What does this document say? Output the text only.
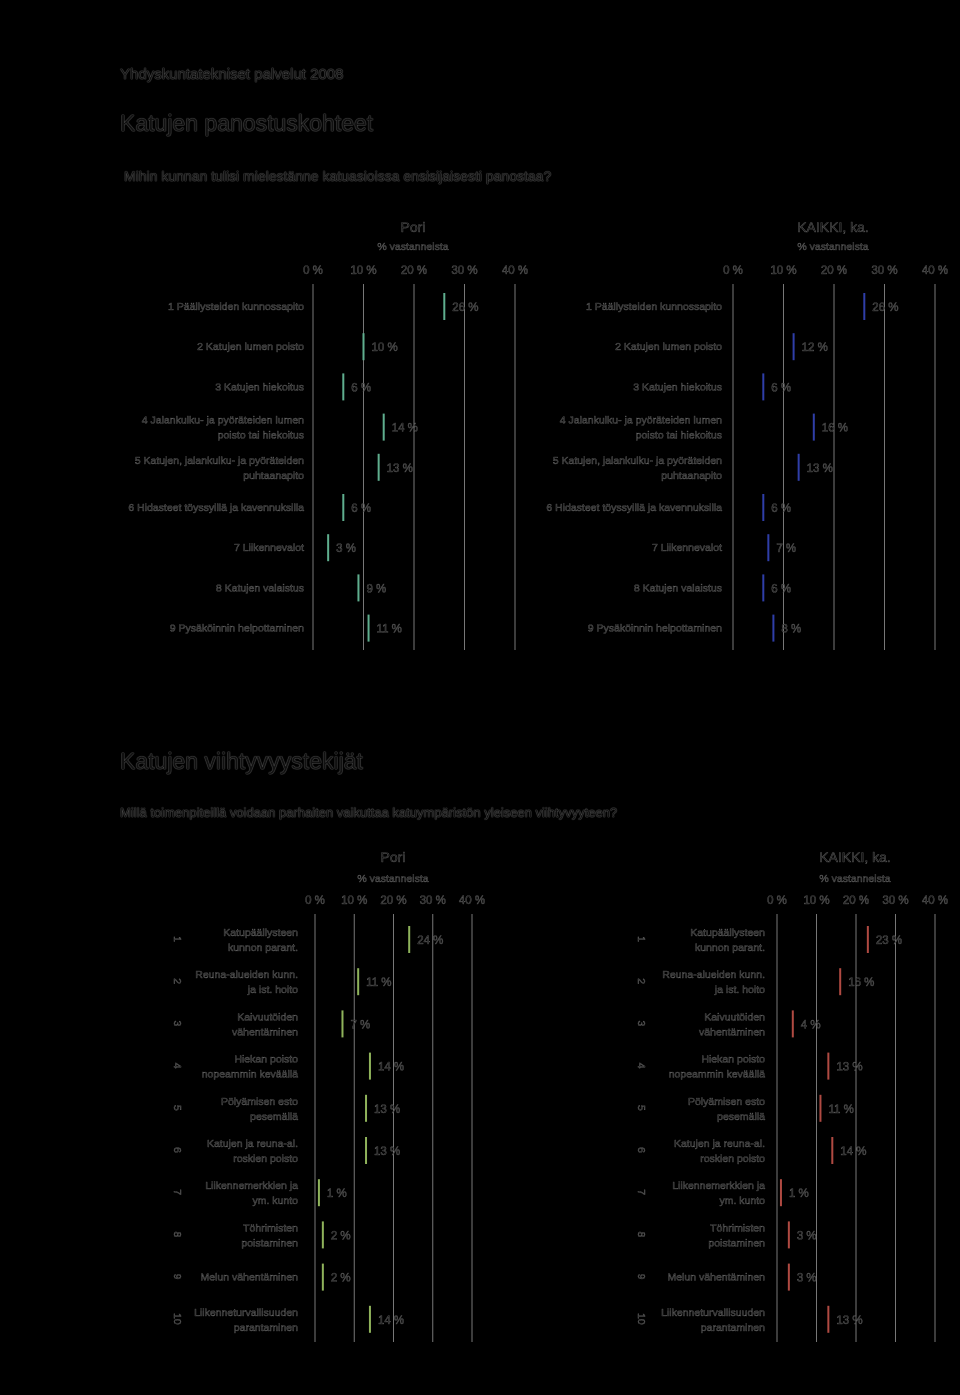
Yhdyskuntatekniset palvelut 2008
Katujen panostuskohteet
Mihin kunnan tulisi mielestänne katuasioissa ensisijaisesti panostaa?
Pori
% vastanneista
0 % 10 % 20 % 30 % 40 %
1 Päällysteiden kunnossapito	26 %
2 Katujen lumen poisto	10 %
3 Katujen hiekoitus	6 %
4 Jalankulku- ja pyöräteiden lumen
poisto tai hiekoitus
14 %
5 Katujen, jalankulku- ja pyöräteiden
puhtaanapito
13 %
6 Hidasteet töyssyillä ja kavennuksilla	6 %
7 Liikennevalot	3 %
8 Katujen valaistus	9 %
9 Pysäköinnin helpottaminen	11 %
KAIKKI, ka.
% vastanneista
0 % 10 % 20 % 30 % 40 %
1 Päällysteiden kunnossapito	26 %
2 Katujen lumen poisto	12 %
3 Katujen hiekoitus	6 %
4 Jalankulku- ja pyöräteiden lumen
poisto tai hiekoitus
16 %
5 Katujen, jalankulku- ja pyöräteiden
puhtaanapito
13 %
6 Hidasteet töyssyillä ja kavennuksilla	6 %
7 Liikennevalot	7 %
8 Katujen valaistus	6 %
9 Pysäköinnin helpottaminen	8 %
Katujen viihtyvyystekijät
Millä toimenpiteillä voidaan parhaiten vaikuttaa katuympäristön yleiseen viihtyvyyteen?
Pori
% vastanneista
0 % 10 % 20 % 30 % 40 %
Katupäällysteen
kunnon parant.
1	24 %
Reuna-alueiden kunn.
ja ist. hoito
2	11 %
Kaivuutöiden
vähentäminen
3	7 %
Hiekan poisto
nopeammin keväällä
4	14 %
Pölyämisen esto
pesemällä
5	13 %
Katujen ja reuna-al.
roskien poisto
6	13 %
Liikennemerkkien ja
ym. kunto
7	1 %
Töhrimisten
poistaminen
8	2 %
Melun vähentäminen
9	2 %
Liikenneturvallisuuden
parantaminen
10	14 %
KAIKKI, ka.
% vastanneista
0 % 10 % 20 % 30 % 40 %
Katupäällysteen
kunnon parant.
1	23 %
Reuna-alueiden kunn.
ja ist. hoito
2	16 %
Kaivuutöiden
vähentäminen
3	4 %
Hiekan poisto
nopeammin keväällä
4	13 %
Pölyämisen esto
pesemällä
5	11 %
Katujen ja reuna-al.
roskien poisto
6	14 %
Liikennemerkkien ja
ym. kunto
7	1 %
Töhrimisten
poistaminen
8	3 %
Melun vähentäminen
9	3 %
Liikenneturvallisuuden
parantaminen
10	13 %
